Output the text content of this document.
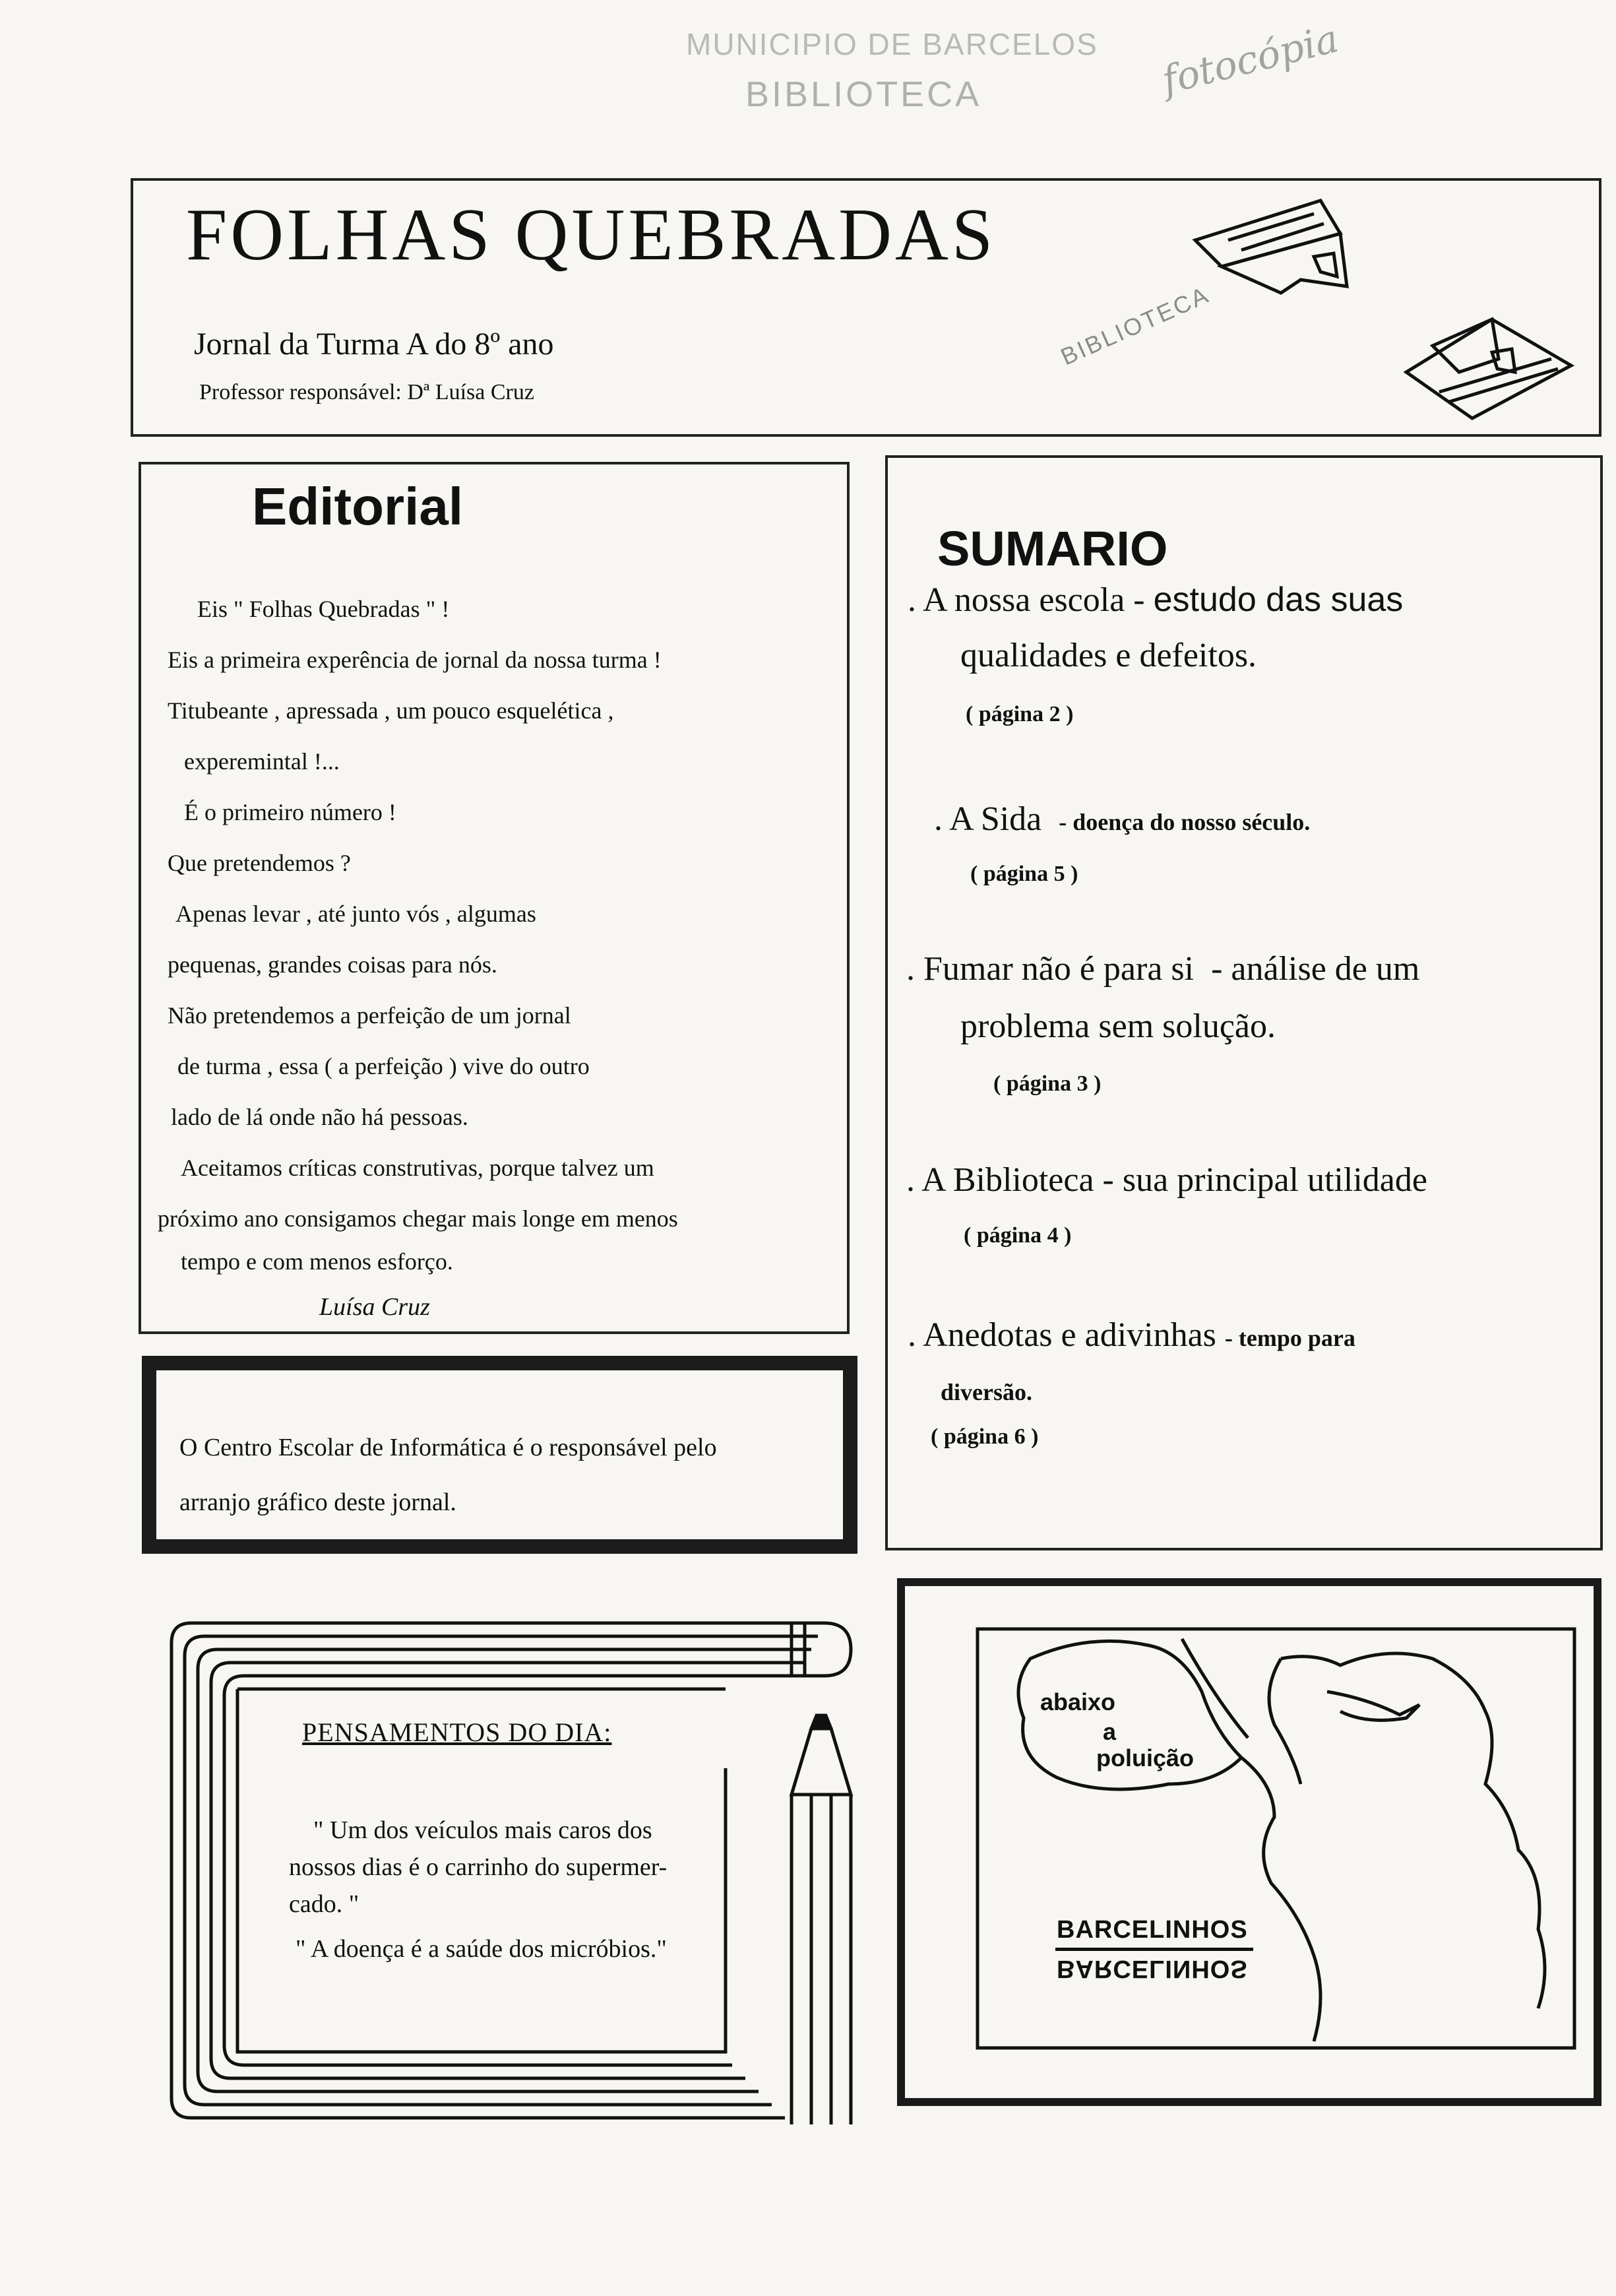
MUNICIPIO DE BARCELOS
BIBLIOTECA	fotocópia
FOLHAS QUEBRADAS
Jornal da Turma A do 8º ano
Professor responsável: Dª Luísa Cruz
BIBLIOTECA
Editorial
Eis " Folhas Quebradas " !
Eis a primeira experência de jornal da nossa turma !
Titubeante , apressada , um pouco esquelética ,
experemintal !...
É o primeiro número !
Que pretendemos ?
Apenas levar , até junto vós , algumas
pequenas, grandes coisas para nós.
Não pretendemos a perfeição de um jornal
de turma , essa ( a perfeição ) vive do outro
lado de lá onde não há pessoas.
Aceitamos críticas construtivas, porque talvez um
próximo ano consigamos chegar mais longe em menos
tempo e com menos esforço.
Luísa Cruz
O Centro Escolar de Informática é o responsável pelo
arranjo gráfico deste jornal.
SUMARIO
. A nossa escola - estudo das suas
qualidades e defeitos.
( página 2 )
. A Sida - doença do nosso século.
( página 5 )
. Fumar não é para si - análise de um
problema sem solução.
( página 3 )
. A Biblioteca - sua principal utilidade
( página 4 )
. Anedotas e adivinhas - tempo para
diversão.
( página 6 )
PENSAMENTOS DO DIA:
" Um dos veículos mais caros dos
nossos dias é o carrinho do supermer-
cado. "
" A doença é a saúde dos micróbios."
abaixo
a
poluição
BARCELINHOS
BARCELINHOS
